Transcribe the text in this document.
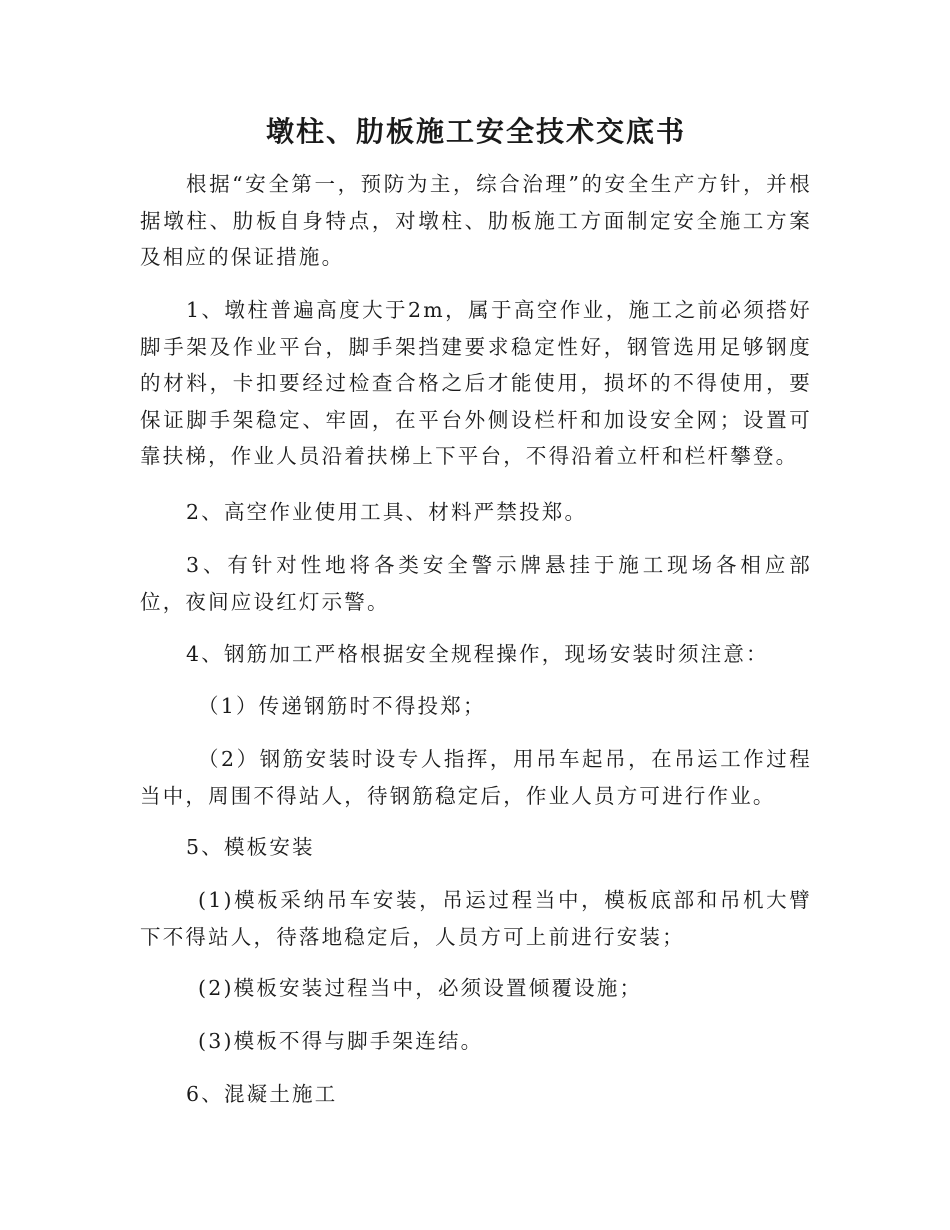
墩柱、肋板施工安全技术交底书

根据“安全第一，预防为主，综合治理”的安全生产方针，并根据墩柱、肋板自身特点，对墩柱、肋板施工方面制定安全施工方案及相应的保证措施。

1、墩柱普遍高度大于2m，属于高空作业，施工之前必须搭好脚手架及作业平台，脚手架挡建要求稳定性好，钢管选用足够钢度的材料，卡扣要经过检查合格之后才能使用，损坏的不得使用，要保证脚手架稳定、牢固，在平台外侧设栏杆和加设安全网；设置可靠扶梯，作业人员沿着扶梯上下平台，不得沿着立杆和栏杆攀登。

2、高空作业使用工具、材料严禁投郑。

3、有针对性地将各类安全警示牌悬挂于施工现场各相应部位，夜间应设红灯示警。

4、钢筋加工严格根据安全规程操作，现场安装时须注意：

（1）传递钢筋时不得投郑；

（2）钢筋安装时设专人指挥，用吊车起吊，在吊运工作过程当中，周围不得站人，待钢筋稳定后，作业人员方可进行作业。

5、模板安装

(1)模板采纳吊车安装，吊运过程当中，模板底部和吊机大臂下不得站人，待落地稳定后，人员方可上前进行安装；

(2)模板安装过程当中，必须设置倾覆设施；

(3)模板不得与脚手架连结。

6、混凝土施工
